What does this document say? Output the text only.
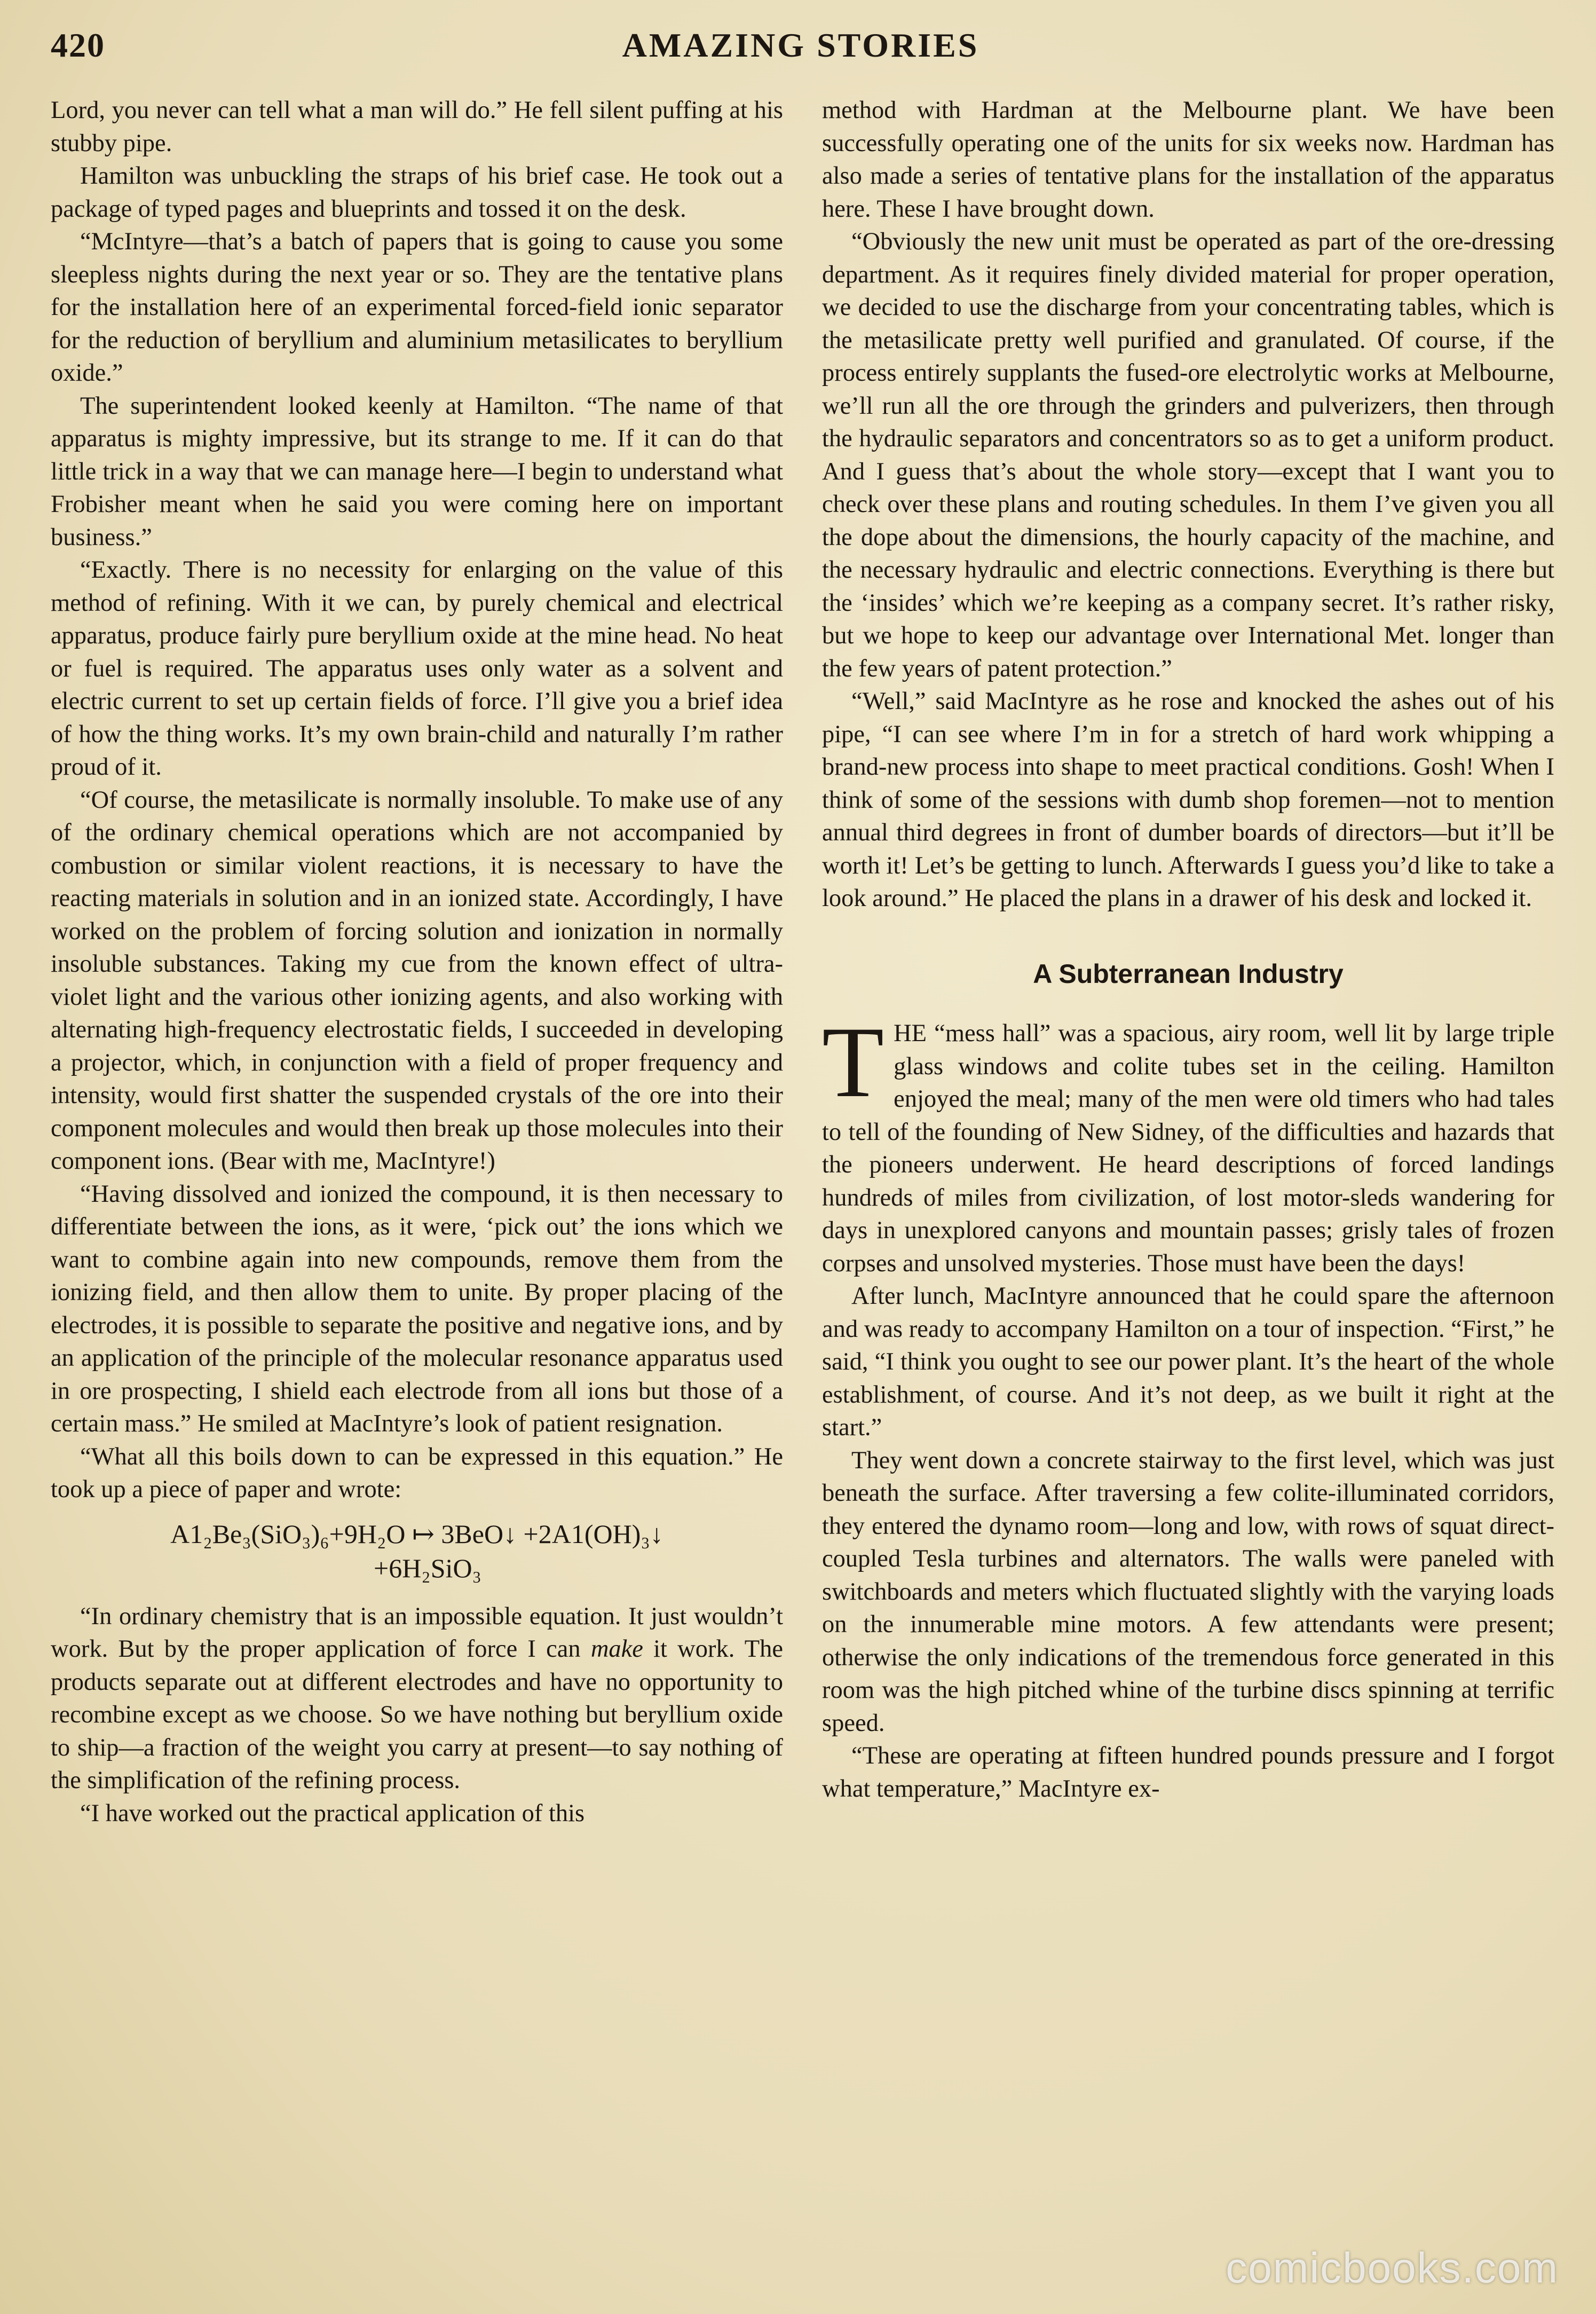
420	AMAZING STORIES

Lord, you never can tell what a man will do.” He fell silent puffing at his stubby pipe.

Hamilton was unbuckling the straps of his brief case. He took out a package of typed pages and blueprints and tossed it on the desk.

“McIntyre—that’s a batch of papers that is going to cause you some sleepless nights during the next year or so. They are the tentative plans for the installation here of an experimental forced-field ionic separator for the reduction of beryllium and aluminium metasilicates to beryllium oxide.”

The superintendent looked keenly at Hamilton. “The name of that apparatus is mighty impressive, but its strange to me. If it can do that little trick in a way that we can manage here—I begin to understand what Frobisher meant when he said you were coming here on important business.”

“Exactly. There is no necessity for enlarging on the value of this method of refining. With it we can, by purely chemical and electrical apparatus, produce fairly pure beryllium oxide at the mine head. No heat or fuel is required. The apparatus uses only water as a solvent and electric current to set up certain fields of force. I’ll give you a brief idea of how the thing works. It’s my own brain-child and naturally I’m rather proud of it.

“Of course, the metasilicate is normally insoluble. To make use of any of the ordinary chemical operations which are not accompanied by combustion or similar violent reactions, it is necessary to have the reacting materials in solution and in an ionized state. Accordingly, I have worked on the problem of forcing solution and ionization in normally insoluble substances. Taking my cue from the known effect of ultra-violet light and the various other ionizing agents, and also working with alternating high-frequency electrostatic fields, I succeeded in developing a projector, which, in conjunction with a field of proper frequency and intensity, would first shatter the suspended crystals of the ore into their component molecules and would then break up those molecules into their component ions. (Bear with me, MacIntyre!)

“Having dissolved and ionized the compound, it is then necessary to differentiate between the ions, as it were, ‘pick out’ the ions which we want to combine again into new compounds, remove them from the ionizing field, and then allow them to unite. By proper placing of the electrodes, it is possible to separate the positive and negative ions, and by an application of the principle of the molecular resonance apparatus used in ore prospecting, I shield each electrode from all ions but those of a certain mass.” He smiled at MacIntyre’s look of patient resignation.

“What all this boils down to can be expressed in this equation.” He took up a piece of paper and wrote:

A1₂Be₃(SiO₃)₆+9H₂O ↦ 3BeO↓ +2A1(OH)₃↓
+6H₂SiO₃

“In ordinary chemistry that is an impossible equation. It just wouldn’t work. But by the proper application of force I can make it work. The products separate out at different electrodes and have no opportunity to recombine except as we choose. So we have nothing but beryllium oxide to ship—a fraction of the weight you carry at present—to say nothing of the simplification of the refining process.

“I have worked out the practical application of this

method with Hardman at the Melbourne plant. We have been successfully operating one of the units for six weeks now. Hardman has also made a series of tentative plans for the installation of the apparatus here. These I have brought down.

“Obviously the new unit must be operated as part of the ore-dressing department. As it requires finely divided material for proper operation, we decided to use the discharge from your concentrating tables, which is the metasilicate pretty well purified and granulated. Of course, if the process entirely supplants the fused-ore electrolytic works at Melbourne, we’ll run all the ore through the grinders and pulverizers, then through the hydraulic separators and concentrators so as to get a uniform product. And I guess that’s about the whole story—except that I want you to check over these plans and routing schedules. In them I’ve given you all the dope about the dimensions, the hourly capacity of the machine, and the necessary hydraulic and electric connections. Everything is there but the ‘insides’ which we’re keeping as a company secret. It’s rather risky, but we hope to keep our advantage over International Met. longer than the few years of patent protection.”

“Well,” said MacIntyre as he rose and knocked the ashes out of his pipe, “I can see where I’m in for a stretch of hard work whipping a brand-new process into shape to meet practical conditions. Gosh! When I think of some of the sessions with dumb shop foremen—not to mention annual third degrees in front of dumber boards of directors—but it’ll be worth it! Let’s be getting to lunch. Afterwards I guess you’d like to take a look around.” He placed the plans in a drawer of his desk and locked it.

A Subterranean Industry

THE “mess hall” was a spacious, airy room, well lit by large triple glass windows and colite tubes set in the ceiling. Hamilton enjoyed the meal; many of the men were old timers who had tales to tell of the founding of New Sidney, of the difficulties and hazards that the pioneers underwent. He heard descriptions of forced landings hundreds of miles from civilization, of lost motor-sleds wandering for days in unexplored canyons and mountain passes; grisly tales of frozen corpses and unsolved mysteries. Those must have been the days!

After lunch, MacIntyre announced that he could spare the afternoon and was ready to accompany Hamilton on a tour of inspection. “First,” he said, “I think you ought to see our power plant. It’s the heart of the whole establishment, of course. And it’s not deep, as we built it right at the start.”

They went down a concrete stairway to the first level, which was just beneath the surface. After traversing a few colite-illuminated corridors, they entered the dynamo room—long and low, with rows of squat direct-coupled Tesla turbines and alternators. The walls were paneled with switchboards and meters which fluctuated slightly with the varying loads on the innumerable mine motors. A few attendants were present; otherwise the only indications of the tremendous force generated in this room was the high pitched whine of the turbine discs spinning at terrific speed.

“These are operating at fifteen hundred pounds pressure and I forgot what temperature,” MacIntyre ex-

comicbooks.com
